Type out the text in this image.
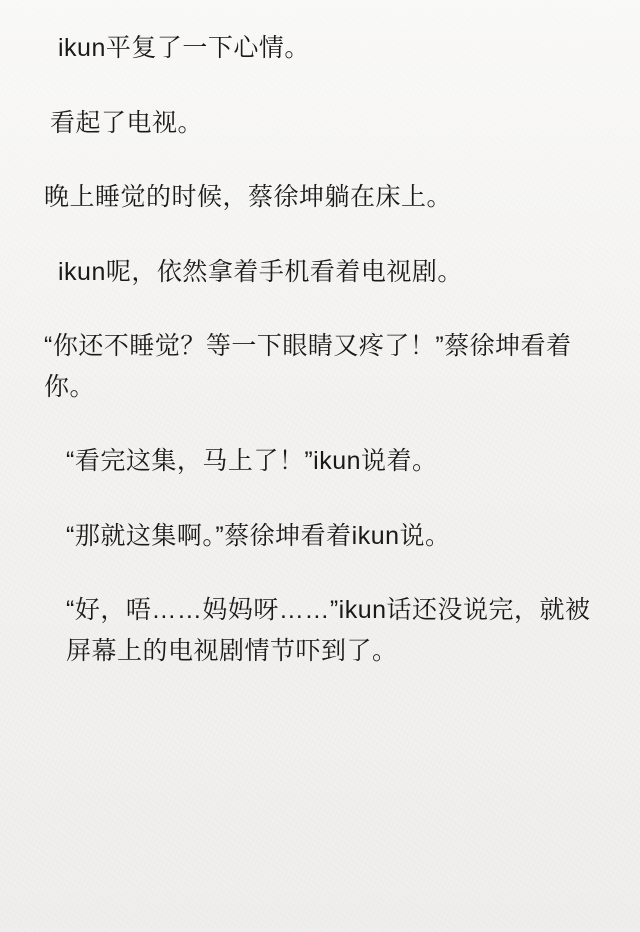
ikun平复了一下心情。

看起了电视。

晚上睡觉的时候，蔡徐坤躺在床上。

ikun呢，依然拿着手机看着电视剧。

“你还不睡觉？等一下眼睛又疼了！”蔡徐坤看着你。

“看完这集，马上了！”ikun说着。

“那就这集啊。”蔡徐坤看着ikun说。

“好，唔……妈妈呀……”ikun话还没说完，就被屏幕上的电视剧情节吓到了。
